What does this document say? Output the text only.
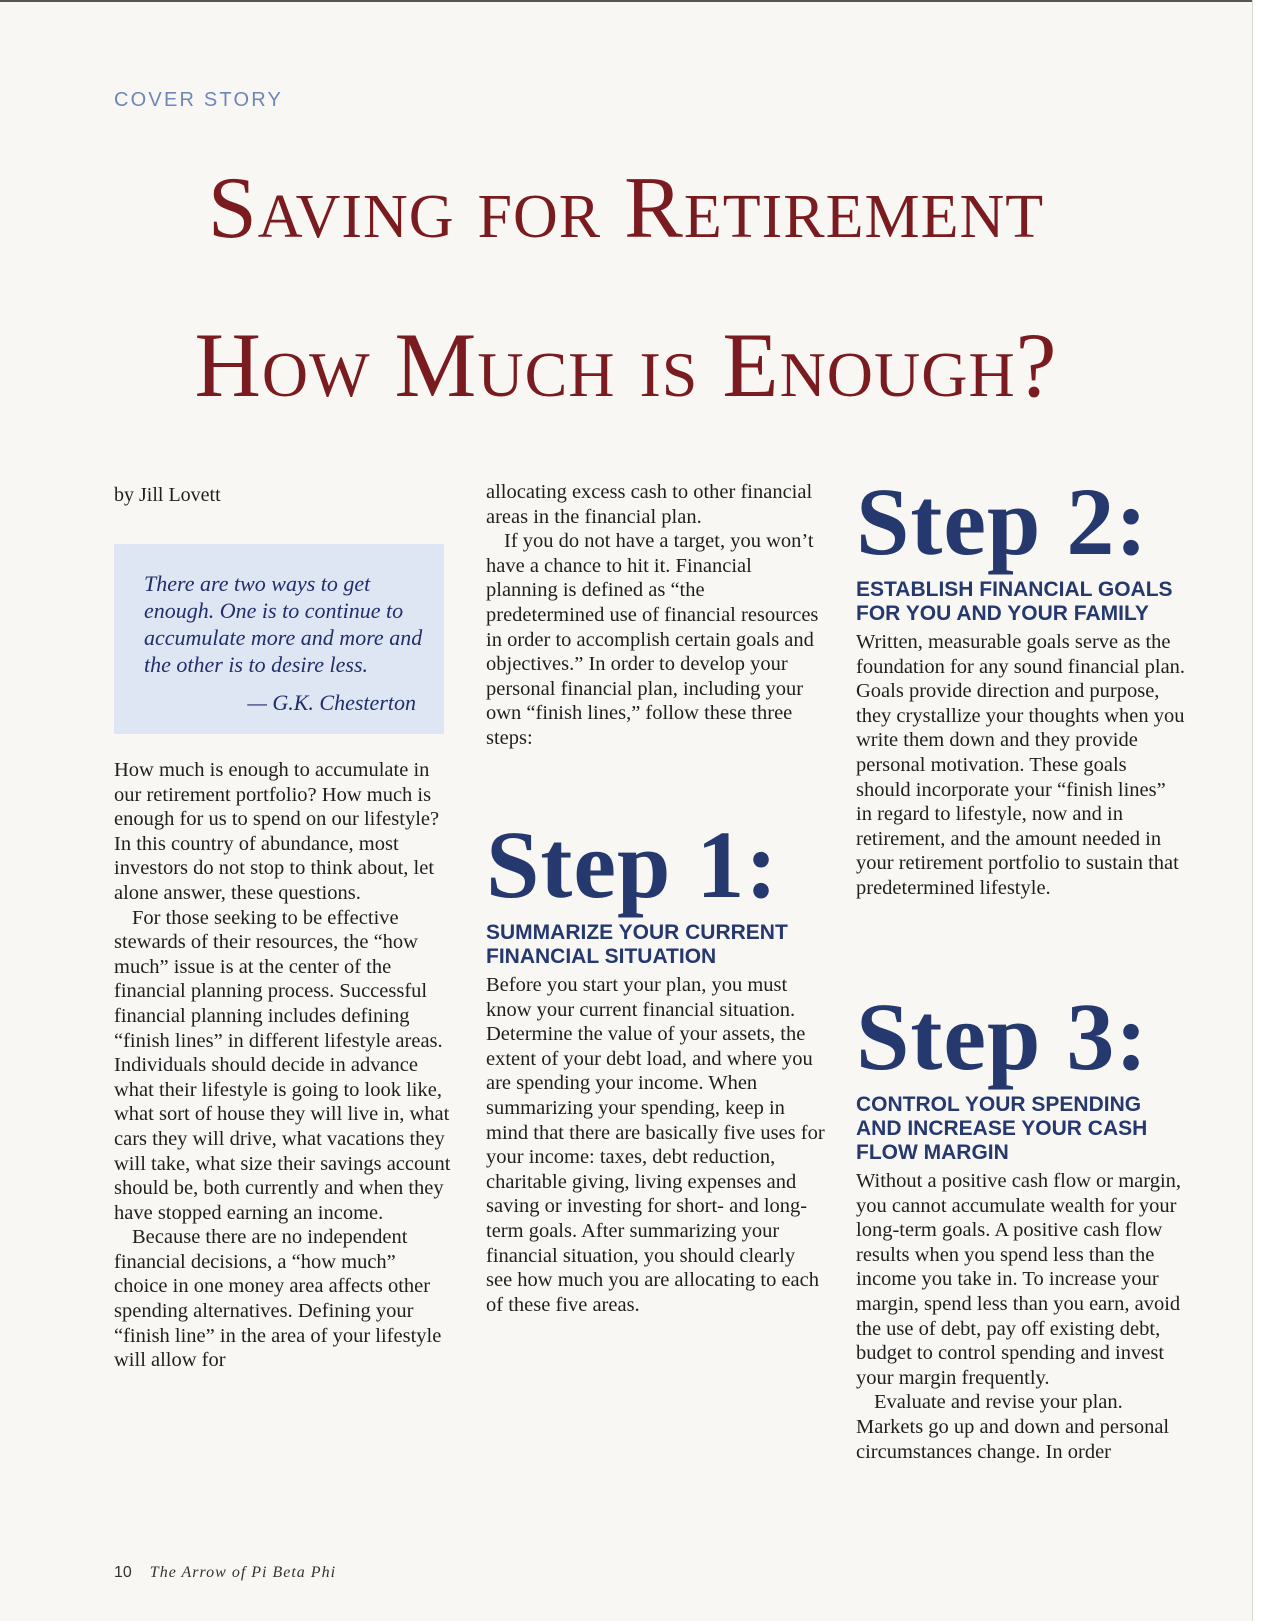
COVER STORY
Saving for Retirement
How Much is Enough?

by Jill Lovett

There are two ways to get enough. One is to continue to accumulate more and more and the other is to desire less.

— G.K. Chesterton

How much is enough to accumulate in our retirement portfolio? How much is enough for us to spend on our lifestyle? In this country of abundance, most investors do not stop to think about, let alone answer, these questions.

For those seeking to be effective stewards of their resources, the “how much” issue is at the center of the financial planning process. Successful financial planning includes defining “finish lines” in different lifestyle areas. Individuals should decide in advance what their lifestyle is going to look like, what sort of house they will live in, what cars they will drive, what vacations they will take, what size their savings account should be, both currently and when they have stopped earning an income.

Because there are no independent financial decisions, a “how much” choice in one money area affects other spending alternatives. Defining your “finish line” in the area of your lifestyle will allow for

allocating excess cash to other financial areas in the financial plan.

If you do not have a target, you won’t have a chance to hit it. Financial planning is defined as “the predetermined use of financial resources in order to accomplish certain goals and objectives.” In order to develop your personal financial plan, including your own “finish lines,” follow these three steps:

Step 1:
SUMMARIZE YOUR CURRENT FINANCIAL SITUATION

Before you start your plan, you must know your current financial situation. Determine the value of your assets, the extent of your debt load, and where you are spending your income. When summarizing your spending, keep in mind that there are basically five uses for your income: taxes, debt reduction, charitable giving, living expenses and saving or investing for short- and long-term goals. After summarizing your financial situation, you should clearly see how much you are allocating to each of these five areas.

Step 2:
ESTABLISH FINANCIAL GOALS FOR YOU AND YOUR FAMILY

Written, measurable goals serve as the foundation for any sound financial plan. Goals provide direction and purpose, they crystallize your thoughts when you write them down and they provide personal motivation. These goals should incorporate your “finish lines” in regard to lifestyle, now and in retirement, and the amount needed in your retirement portfolio to sustain that predetermined lifestyle.

Step 3:
CONTROL YOUR SPENDING AND INCREASE YOUR CASH FLOW MARGIN

Without a positive cash flow or margin, you cannot accumulate wealth for your long-term goals. A positive cash flow results when you spend less than the income you take in. To increase your margin, spend less than you earn, avoid the use of debt, pay off existing debt, budget to control spending and invest your margin frequently.

Evaluate and revise your plan. Markets go up and down and personal circumstances change. In order

10 The Arrow of Pi Beta Phi
